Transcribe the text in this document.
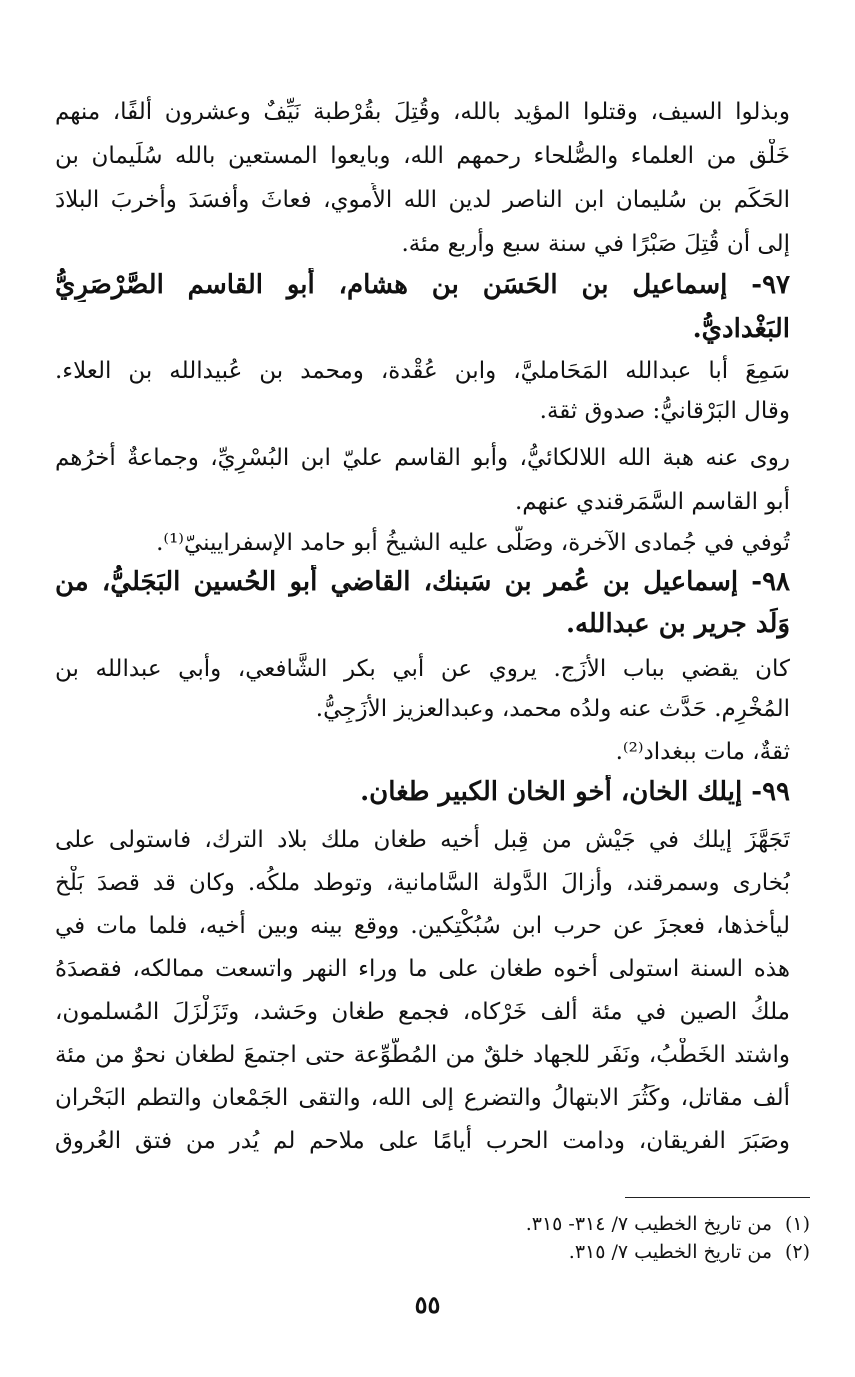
وبذلوا السيف، وقتلوا المؤيد بالله، وقُتِلَ بقُرْطبة نَيِّفٌ وعشرون ألفًا، منهم
خَلْق من العلماء والصُّلحاء رحمهم الله، وبايعوا المستعين بالله سُلَيمان بن
الحَكَم بن سُليمان ابن الناصر لدين الله الأُموي، فعاثَ وأفسَدَ وأخربَ البلادَ
إلى أن قُتِلَ صَبْرًا في سنة سبع وأربع مئة.
٩٧- إسماعيل بن الحَسَن بن هشام، أبو القاسم الصَّرْصَرِيُّ
البَغْداديُّ.
سَمِعَ أبا عبدالله المَحَامليَّ، وابن عُقْدة، ومحمد بن عُبيدالله بن العلاء.
وقال البَرْقانيُّ: صدوق ثقة.
روى عنه هبة الله اللالكائيُّ، وأبو القاسم عليّ ابن البُسْرِيِّ، وجماعةٌ أخرُهم
أبو القاسم السَّمَرقندي عنهم.
تُوفي في جُمادى الآخرة، وصَلَّى عليه الشيخُ أبو حامد الإسفرايينيّ⁽¹⁾.
٩٨- إسماعيل بن عُمر بن سَبنك، القاضي أبو الحُسين البَجَليُّ، من
وَلَد جرير بن عبدالله.
كان يقضي بباب الأزَج. يروي عن أبي بكر الشَّافعي، وأبي عبدالله بن
المُخْرِم. حَدَّث عنه ولدُه محمد، وعبدالعزيز الأزَجِيُّ.
ثقةٌ، مات ببغداد⁽²⁾.
٩٩- إيلك الخان، أخو الخان الكبير طغان.
تَجَهَّزَ إيلك في جَيْش من قِبل أخيه طغان ملك بلاد الترك، فاستولى على
بُخارى وسمرقند، وأزالَ الدَّولة السَّامانية، وتوطد ملكُه. وكان قد قصدَ بَلْخ
ليأخذها، فعجزَ عن حرب ابن سُبُكْتِكين. ووقع بينه وبين أخيه، فلما مات في
هذه السنة استولى أخوه طغان على ما وراء النهر واتسعت ممالكه، فقصدَهُ
ملكُ الصين في مئة ألف خَرْكاه، فجمع طغان وحَشد، وتَزَلْزَلَ المُسلمون،
واشتد الخَطْبُ، ونَفَر للجهاد خلقٌ من المُطَّوِّعة حتى اجتمعَ لطغان نحوٌ من مئة
ألف مقاتل، وكَثُرَ الابتهالُ والتضرع إلى الله، والتقى الجَمْعان والتطم البَحْران
وصَبَرَ الفريقان، ودامت الحرب أيامًا على ملاحم لم يُدر من فتق العُروق
(١)من تاريخ الخطيب ٧/ ٣١٤- ٣١٥.
(٢)من تاريخ الخطيب ٧/ ٣١٥.
٥٥
